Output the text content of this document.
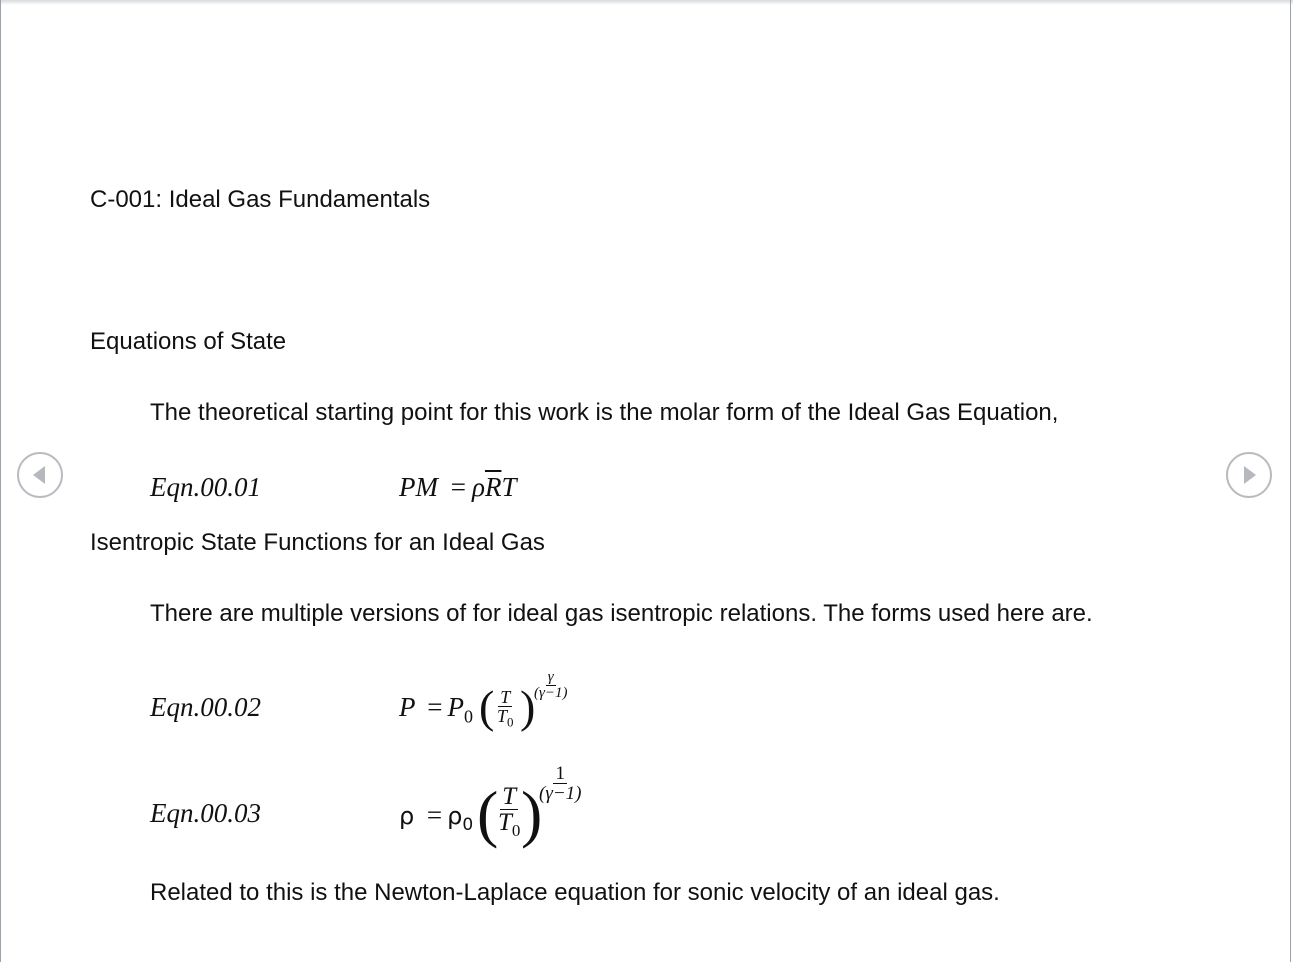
C-001: Ideal Gas Fundamentals
Equations of State
The theoretical starting point for this work is the molar form of the Ideal Gas Equation,
Eqn.00.01	PM = $\rho\overline{R}T$
Isentropic State Functions for an Ideal Gas
There are multiple versions of for ideal gas isentropic relations. The forms used here are.
Eqn.00.02	$P = P_0$ ( $\frac{T}{T_0}$ )
$\frac{\gamma}{(\gamma-1)}$
Eqn.00.03	$\rho = \rho_0$ (
$\frac{T}{T_0}$
)
$\frac{1}{(\gamma-1)}$
Related to this is the Newton-Laplace equation for sonic velocity of an ideal gas.
